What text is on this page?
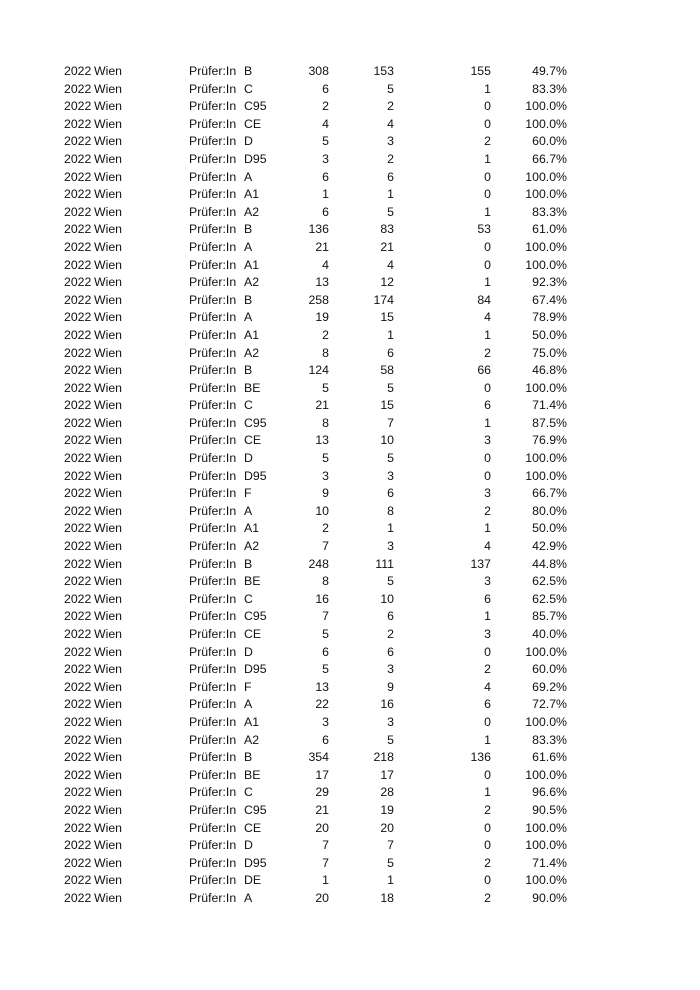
2022 Wien	Prüfer:In B	308	153	155	49.7%
2022 Wien	Prüfer:In C	6	5	1	83.3%
2022 Wien	Prüfer:In C95	2	2	0	100.0%
2022 Wien	Prüfer:In CE	4	4	0	100.0%
2022 Wien	Prüfer:In D	5	3	2	60.0%
2022 Wien	Prüfer:In D95	3	2	1	66.7%
2022 Wien	Prüfer:In A	6	6	0	100.0%
2022 Wien	Prüfer:In A1	1	1	0	100.0%
2022 Wien	Prüfer:In A2	6	5	1	83.3%
2022 Wien	Prüfer:In B	136	83	53	61.0%
2022 Wien	Prüfer:In A	21	21	0	100.0%
2022 Wien	Prüfer:In A1	4	4	0	100.0%
2022 Wien	Prüfer:In A2	13	12	1	92.3%
2022 Wien	Prüfer:In B	258	174	84	67.4%
2022 Wien	Prüfer:In A	19	15	4	78.9%
2022 Wien	Prüfer:In A1	2	1	1	50.0%
2022 Wien	Prüfer:In A2	8	6	2	75.0%
2022 Wien	Prüfer:In B	124	58	66	46.8%
2022 Wien	Prüfer:In BE	5	5	0	100.0%
2022 Wien	Prüfer:In C	21	15	6	71.4%
2022 Wien	Prüfer:In C95	8	7	1	87.5%
2022 Wien	Prüfer:In CE	13	10	3	76.9%
2022 Wien	Prüfer:In D	5	5	0	100.0%
2022 Wien	Prüfer:In D95	3	3	0	100.0%
2022 Wien	Prüfer:In F	9	6	3	66.7%
2022 Wien	Prüfer:In A	10	8	2	80.0%
2022 Wien	Prüfer:In A1	2	1	1	50.0%
2022 Wien	Prüfer:In A2	7	3	4	42.9%
2022 Wien	Prüfer:In B	248	111	137	44.8%
2022 Wien	Prüfer:In BE	8	5	3	62.5%
2022 Wien	Prüfer:In C	16	10	6	62.5%
2022 Wien	Prüfer:In C95	7	6	1	85.7%
2022 Wien	Prüfer:In CE	5	2	3	40.0%
2022 Wien	Prüfer:In D	6	6	0	100.0%
2022 Wien	Prüfer:In D95	5	3	2	60.0%
2022 Wien	Prüfer:In F	13	9	4	69.2%
2022 Wien	Prüfer:In A	22	16	6	72.7%
2022 Wien	Prüfer:In A1	3	3	0	100.0%
2022 Wien	Prüfer:In A2	6	5	1	83.3%
2022 Wien	Prüfer:In B	354	218	136	61.6%
2022 Wien	Prüfer:In BE	17	17	0	100.0%
2022 Wien	Prüfer:In C	29	28	1	96.6%
2022 Wien	Prüfer:In C95	21	19	2	90.5%
2022 Wien	Prüfer:In CE	20	20	0	100.0%
2022 Wien	Prüfer:In D	7	7	0	100.0%
2022 Wien	Prüfer:In D95	7	5	2	71.4%
2022 Wien	Prüfer:In DE	1	1	0	100.0%
2022 Wien	Prüfer:In A	20	18	2	90.0%
